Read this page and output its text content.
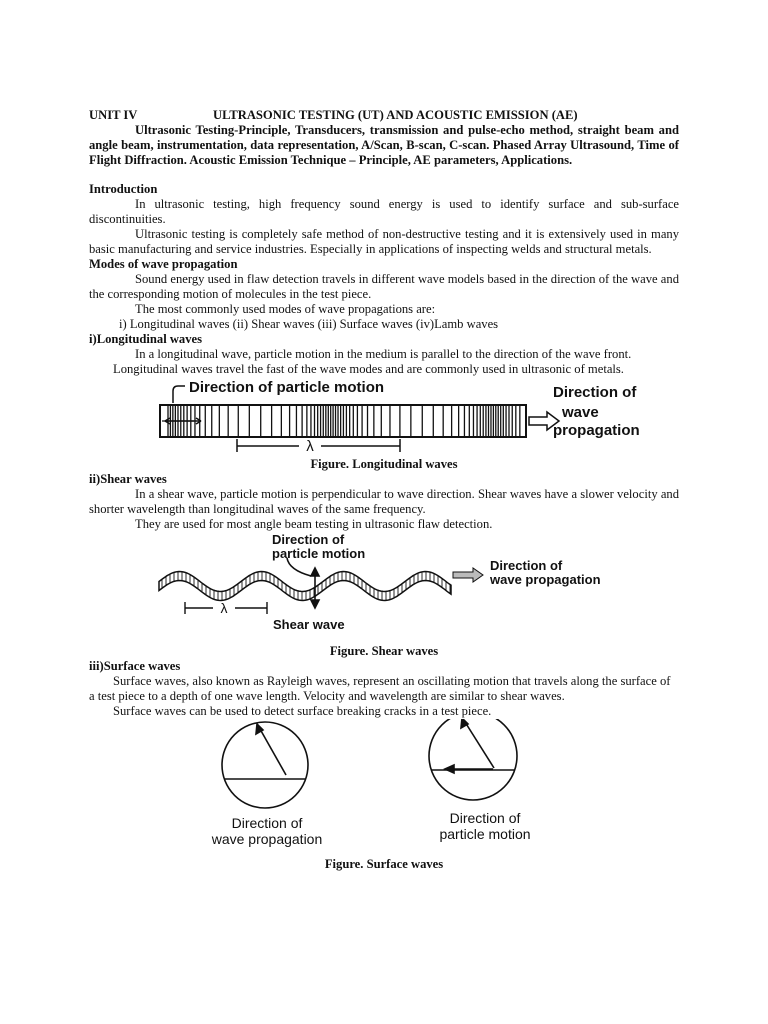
UNIT IV	ULTRASONIC TESTING (UT) AND ACOUSTIC EMISSION (AE)
Ultrasonic Testing-Principle, Transducers, transmission and pulse-echo method, straight beam and angle beam, instrumentation, data representation, A/Scan, B-scan, C-scan. Phased Array Ultrasound, Time of Flight Diffraction. Acoustic Emission Technique – Principle, AE parameters, Applications.
Introduction
In ultrasonic testing, high frequency sound energy is used to identify surface and sub-surface discontinuities.
Ultrasonic testing is completely safe method of non-destructive testing and it is extensively used in many basic manufacturing and service industries. Especially in applications of inspecting welds and structural metals.
Modes of wave propagation
Sound energy used in flaw detection travels in different wave models based in the direction of the wave and the corresponding motion of molecules in the test piece.
The most commonly used modes of wave propagations are:
i) Longitudinal waves (ii) Shear waves (iii) Surface waves (iv)Lamb waves
i)Longitudinal waves
In a longitudinal wave, particle motion in the medium is parallel to the direction of the wave front.
Longitudinal waves travel the fast of the wave modes and are commonly used in ultrasonic of metals.
Direction of particle motion	Direction of
wave
propagation
λ
Figure. Longitudinal waves
ii)Shear waves
In a shear wave, particle motion is perpendicular to wave direction. Shear waves have a slower velocity and shorter wavelength than longitudinal waves of the same frequency.
They are used for most angle beam testing in ultrasonic flaw detection.
Direction of
particle motion
Direction of
wave propagation
λ
Shear wave
Figure. Shear waves
iii)Surface waves
Surface waves, also known as Rayleigh waves, represent an oscillating motion that travels along the surface of a test piece to a depth of one wave length. Velocity and wavelength are similar to shear waves.
Surface waves can be used to detect surface breaking cracks in a test piece.
Direction of
wave propagation
Direction of
particle motion
Figure. Surface waves
